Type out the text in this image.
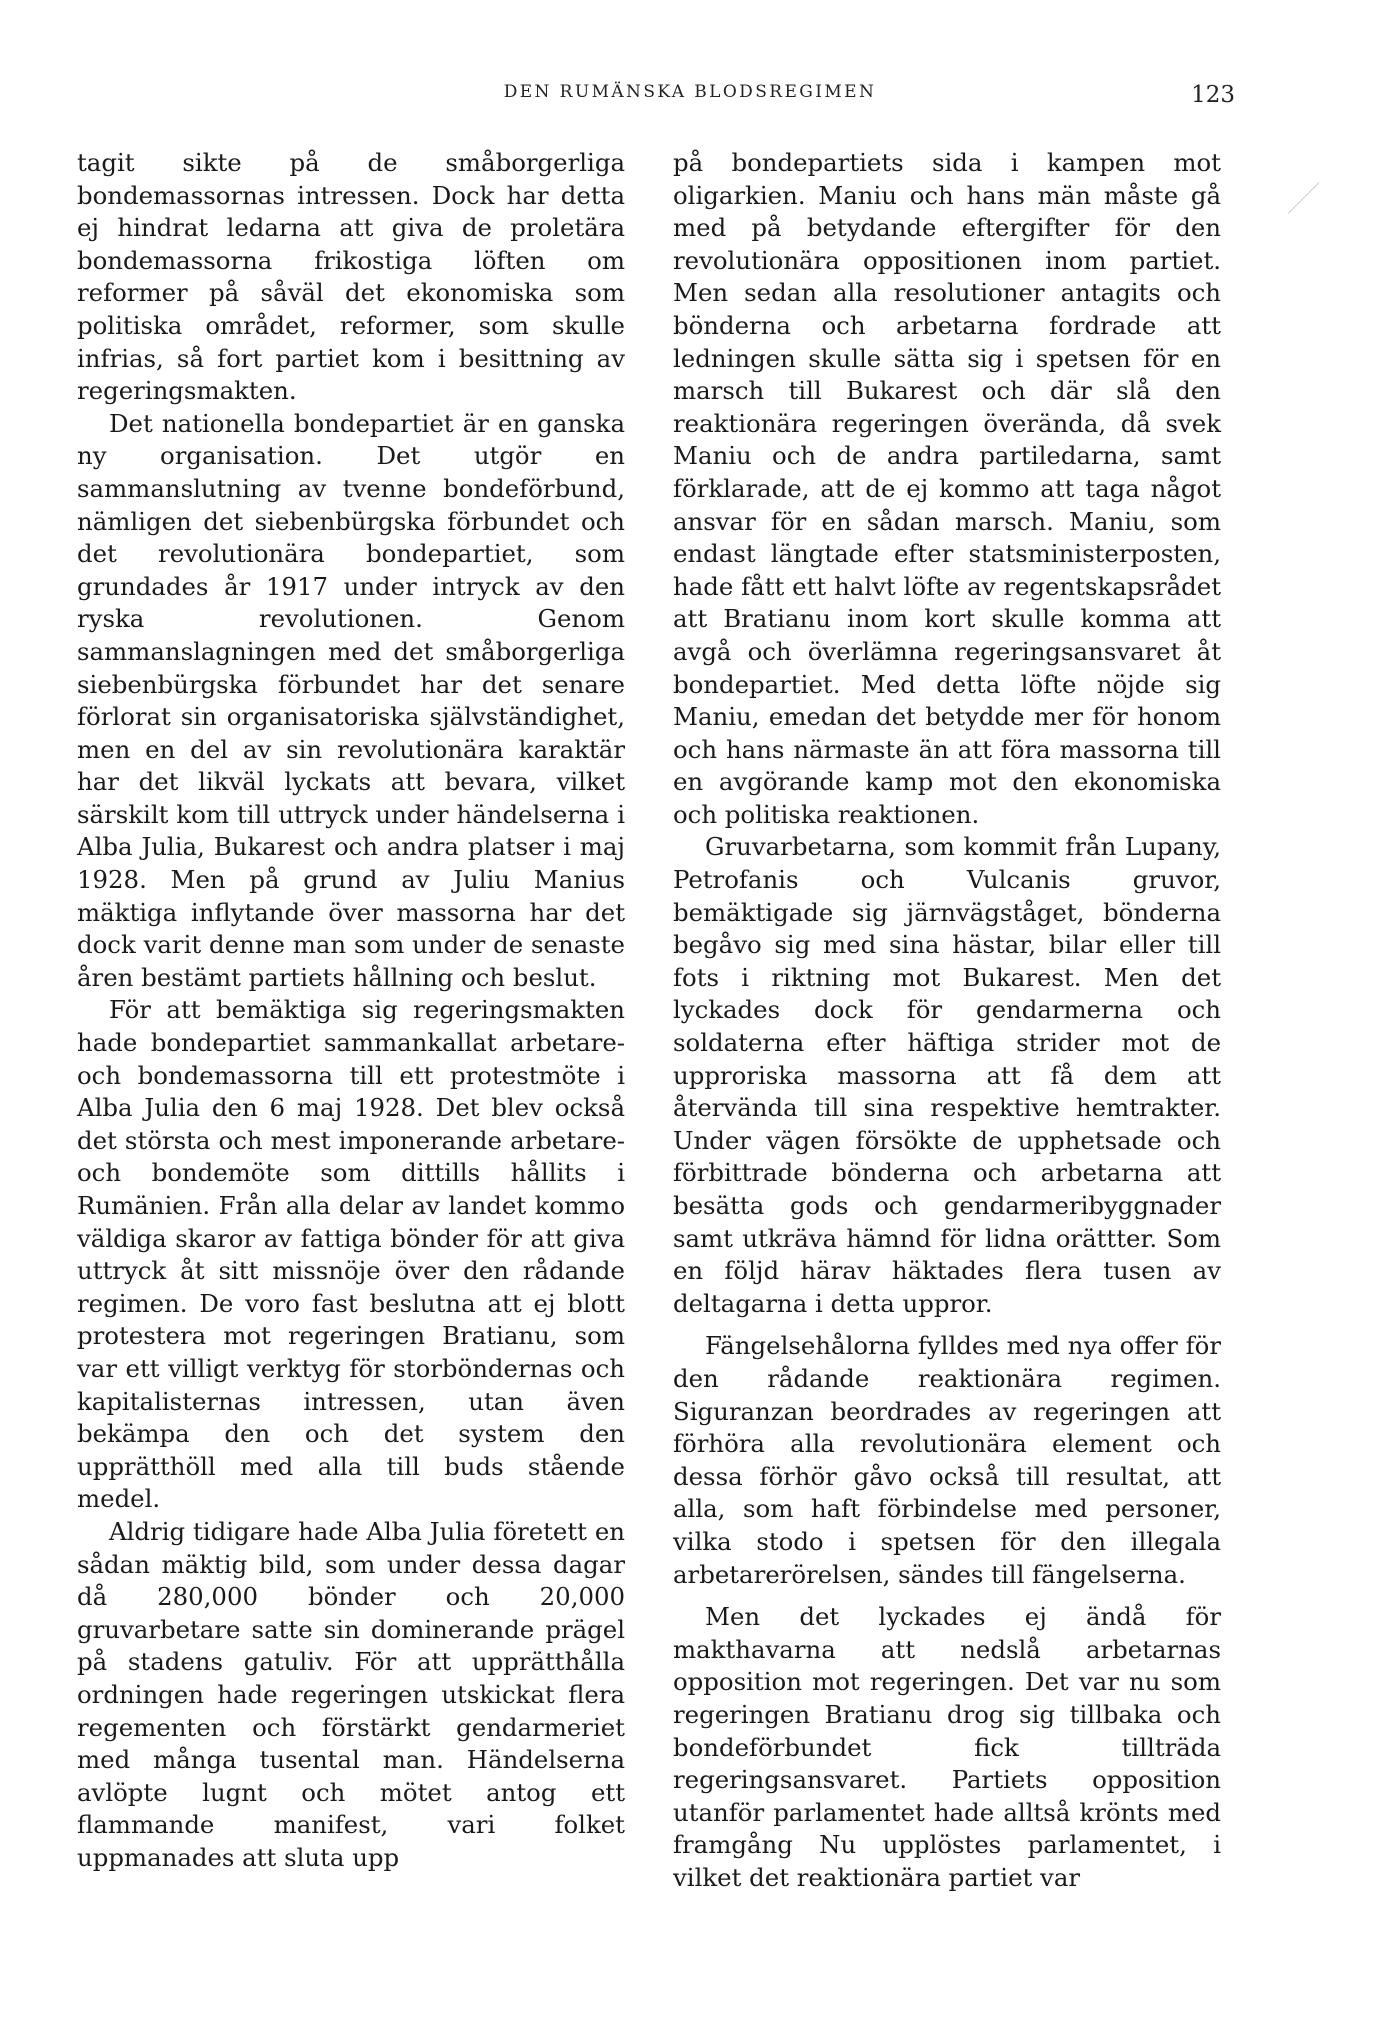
DEN RUMÄNSKA BLODSREGIMEN	123

tagit sikte på de småborgerliga bondemassornas intressen. Dock har detta ej hindrat ledarna att giva de proletära bondemassorna frikostiga löften om reformer på såväl det ekonomiska som politiska området, reformer, som skulle infrias, så fort partiet kom i besittning av regeringsmakten.

Det nationella bondepartiet är en ganska ny organisation. Det utgör en sammanslutning av tvenne bondeförbund, nämligen det siebenbürgska förbundet och det revolutionära bondepartiet, som grundades år 1917 under intryck av den ryska revolutionen. Genom sammanslagningen med det småborgerliga siebenbürgska förbundet har det senare förlorat sin organisatoriska självständighet, men en del av sin revolutionära karaktär har det likväl lyckats att bevara, vilket särskilt kom till uttryck under händelserna i Alba Julia, Bukarest och andra platser i maj 1928. Men på grund av Juliu Manius mäktiga inflytande över massorna har det dock varit denne man som under de senaste åren bestämt partiets hållning och beslut.

För att bemäktiga sig regeringsmakten hade bondepartiet sammankallat arbetare- och bondemassorna till ett protestmöte i Alba Julia den 6 maj 1928. Det blev också det största och mest imponerande arbetare- och bondemöte som dittills hållits i Rumänien. Från alla delar av landet kommo väldiga skaror av fattiga bönder för att giva uttryck åt sitt missnöje över den rådande regimen. De voro fast beslutna att ej blott protestera mot regeringen Bratianu, som var ett villigt verktyg för storböndernas och kapitalisternas intressen, utan även bekämpa den och det system den upprätthöll med alla till buds stående medel.

Aldrig tidigare hade Alba Julia företett en sådan mäktig bild, som under dessa dagar då 280,000 bönder och 20,000 gruvarbetare satte sin dominerande prägel på stadens gatuliv. För att upprätthålla ordningen hade regeringen utskickat flera regementen och förstärkt gendarmeriet med många tusental man. Händelserna avlöpte lugnt och mötet antog ett flammande manifest, vari folket uppmanades att sluta upp

på bondepartiets sida i kampen mot oligarkien. Maniu och hans män måste gå med på betydande eftergifter för den revolutionära oppositionen inom partiet. Men sedan alla resolutioner antagits och bönderna och arbetarna fordrade att ledningen skulle sätta sig i spetsen för en marsch till Bukarest och där slå den reaktionära regeringen överända, då svek Maniu och de andra partiledarna, samt förklarade, att de ej kommo att taga något ansvar för en sådan marsch. Maniu, som endast längtade efter statsministerposten, hade fått ett halvt löfte av regentskapsrådet att Bratianu inom kort skulle komma att avgå och överlämna regeringsansvaret åt bondepartiet. Med detta löfte nöjde sig Maniu, emedan det betydde mer för honom och hans närmaste än att föra massorna till en avgörande kamp mot den ekonomiska och politiska reaktionen.

Gruvarbetarna, som kommit från Lupany, Petrofanis och Vulcanis gruvor, bemäktigade sig järnvägståget, bönderna begåvo sig med sina hästar, bilar eller till fots i riktning mot Bukarest. Men det lyckades dock för gendarmerna och soldaterna efter häftiga strider mot de upproriska massorna att få dem att återvända till sina respektive hemtrakter. Under vägen försökte de upphetsade och förbittrade bönderna och arbetarna att besätta gods och gendarmeribyggnader samt utkräva hämnd för lidna orättter. Som en följd härav häktades flera tusen av deltagarna i detta uppror.

Fängelsehålorna fylldes med nya offer för den rådande reaktionära regimen. Siguranzan beordrades av regeringen att förhöra alla revolutionära element och dessa förhör gåvo också till resultat, att alla, som haft förbindelse med personer, vilka stodo i spetsen för den illegala arbetarerörelsen, sändes till fängelserna.

Men det lyckades ej ändå för makthavarna att nedslå arbetarnas opposition mot regeringen. Det var nu som regeringen Bratianu drog sig tillbaka och bondeförbundet fick tillträda regeringsansvaret. Partiets opposition utanför parlamentet hade alltså krönts med framgång Nu upplöstes parlamentet, i vilket det reaktionära partiet var
